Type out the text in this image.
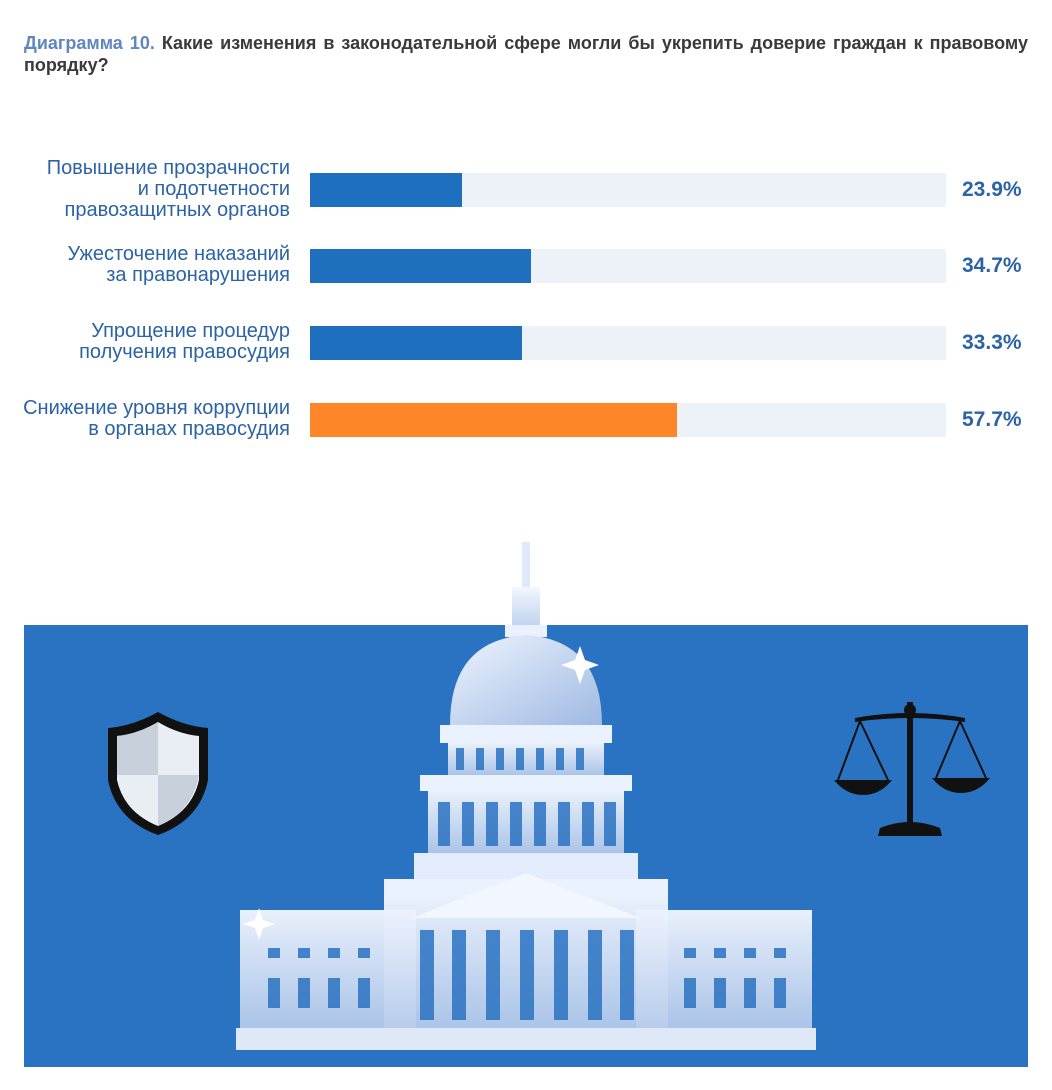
Диаграмма 10. Какие изменения в законодательной сфере могли бы укрепить доверие граждан к правовому порядку?
Повышение прозрачности
и подотчетности
правозащитных органов
23.9%
Ужесточение наказаний
за правонарушения	34.7%
Упрощение процедур
получения правосудия	33.3%
Снижение уровня коррупции
в органах правосудия	57.7%
